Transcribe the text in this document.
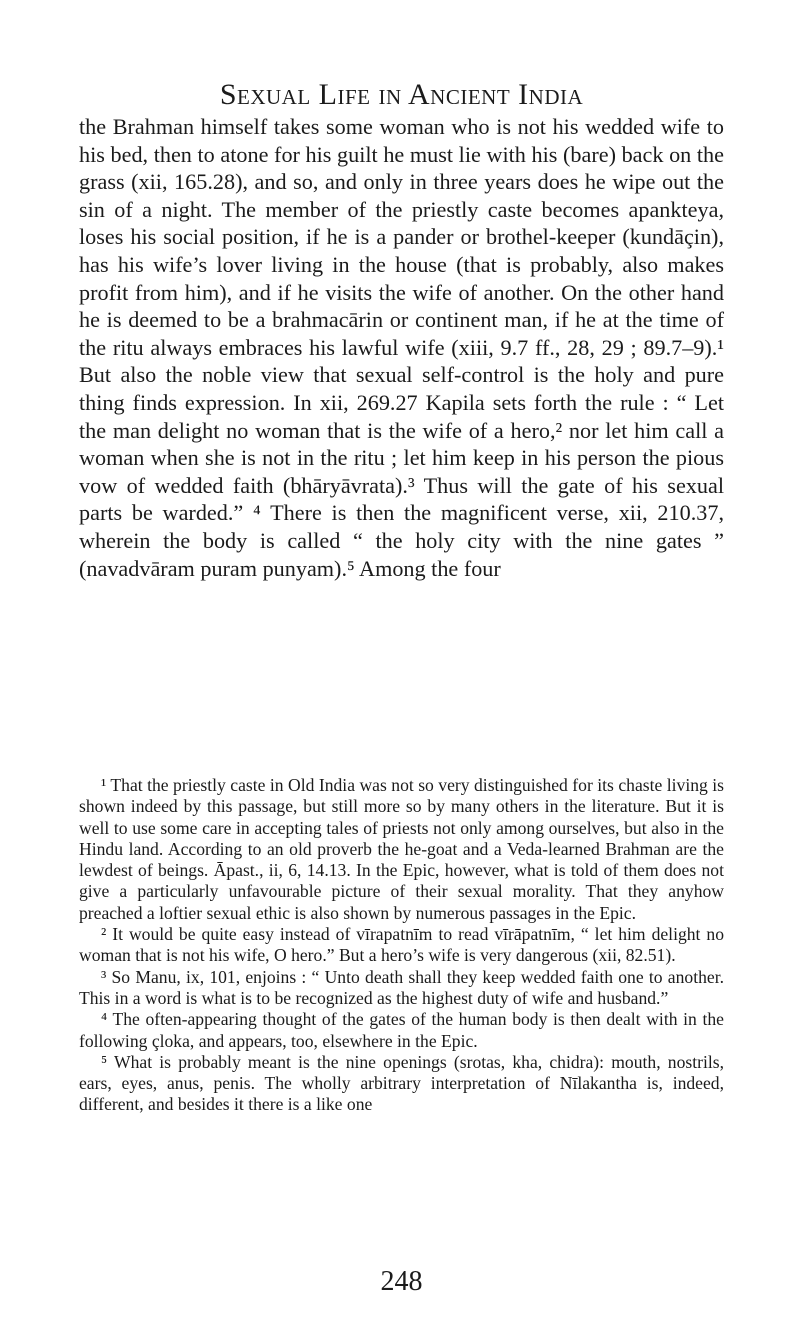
Sexual Life in Ancient India

the Brahman himself takes some woman who is not his wedded wife to his bed, then to atone for his guilt he must lie with his (bare) back on the grass (xii, 165.28), and so, and only in three years does he wipe out the sin of a night. The member of the priestly caste becomes apankteya, loses his social position, if he is a pander or brothel-keeper (kundāçin), has his wife’s lover living in the house (that is probably, also makes profit from him), and if he visits the wife of another. On the other hand he is deemed to be a brahmacārin or continent man, if he at the time of the ritu always embraces his lawful wife (xiii, 9.7 ff., 28, 29 ; 89.7–9).¹ But also the noble view that sexual self-control is the holy and pure thing finds expression. In xii, 269.27 Kapila sets forth the rule : “ Let the man delight no woman that is the wife of a hero,² nor let him call a woman when she is not in the ritu ; let him keep in his person the pious vow of wedded faith (bhāryāvrata).³ Thus will the gate of his sexual parts be warded.” ⁴ There is then the magnificent verse, xii, 210.37, wherein the body is called “ the holy city with the nine gates ” (navadvāram puram punyam).⁵ Among the four

¹ That the priestly caste in Old India was not so very distinguished for its chaste living is shown indeed by this passage, but still more so by many others in the literature. But it is well to use some care in accepting tales of priests not only among ourselves, but also in the Hindu land. According to an old proverb the he-goat and a Veda-learned Brahman are the lewdest of beings. Āpast., ii, 6, 14.13. In the Epic, however, what is told of them does not give a particularly unfavourable picture of their sexual morality. That they anyhow preached a loftier sexual ethic is also shown by numerous passages in the Epic.

² It would be quite easy instead of vīrapatnīm to read vīrāpatnīm, “ let him delight no woman that is not his wife, O hero.” But a hero’s wife is very dangerous (xii, 82.51).

³ So Manu, ix, 101, enjoins : “ Unto death shall they keep wedded faith one to another. This in a word is what is to be recognized as the highest duty of wife and husband.”

⁴ The often-appearing thought of the gates of the human body is then dealt with in the following çloka, and appears, too, elsewhere in the Epic.

⁵ What is probably meant is the nine openings (srotas, kha, chidra): mouth, nostrils, ears, eyes, anus, penis. The wholly arbitrary interpretation of Nīlakantha is, indeed, different, and besides it there is a like one

248
